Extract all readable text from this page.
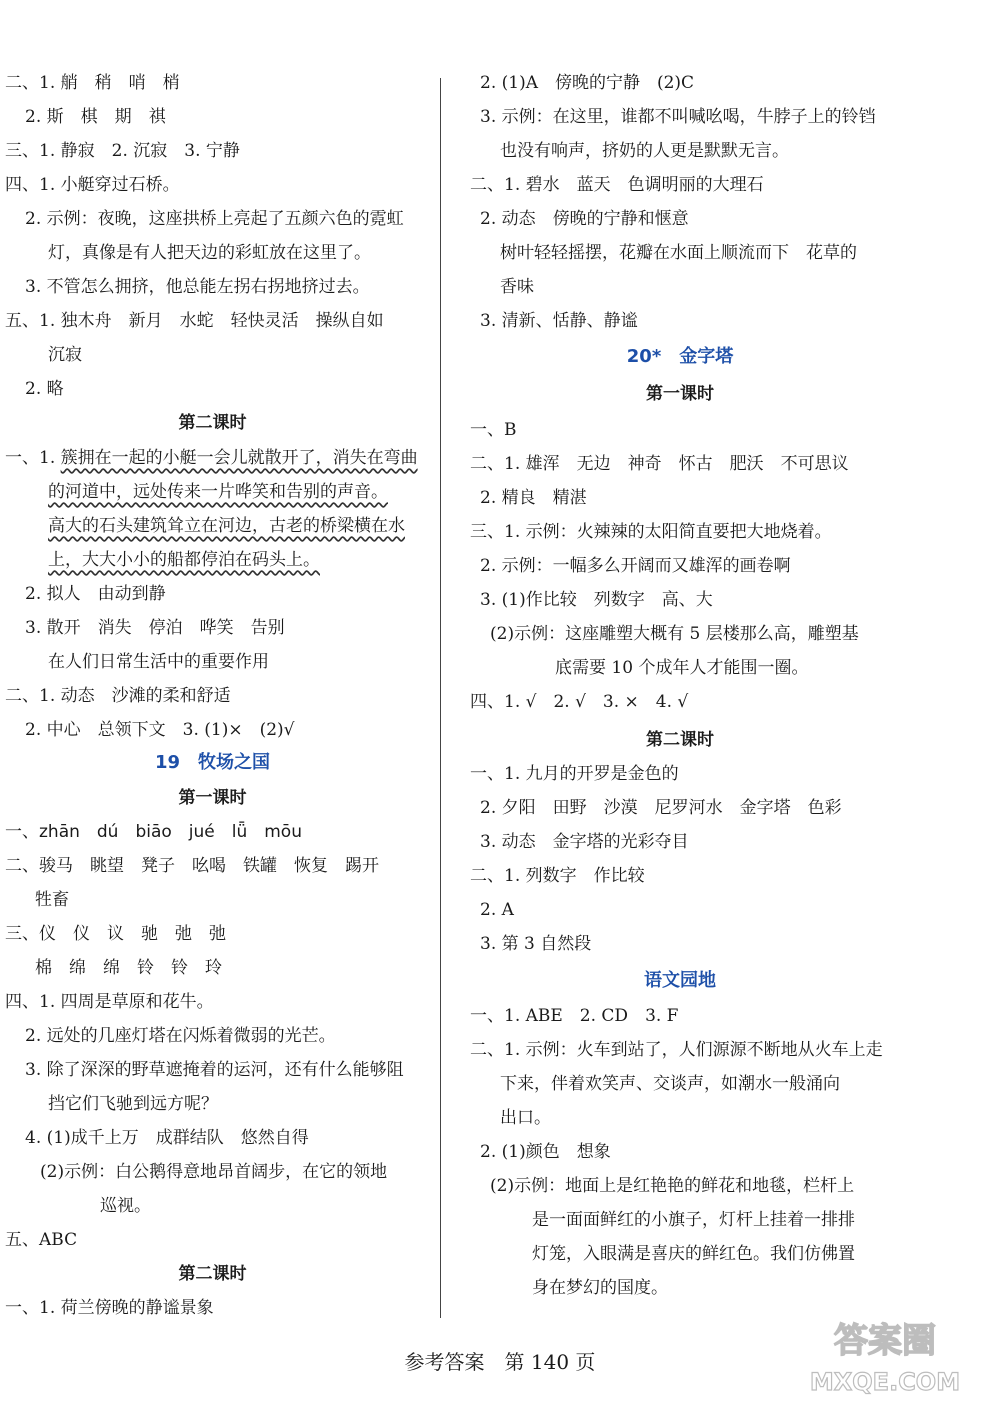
二、1. 艄　稍　哨　梢
2. 斯　棋　期　祺
三、1. 静寂　2. 沉寂　3. 宁静
四、1. 小艇穿过石桥。
2. 示例：夜晚，这座拱桥上亮起了五颜六色的霓虹
灯，真像是有人把天边的彩虹放在这里了。
3. 不管怎么拥挤，他总能左拐右拐地挤过去。
五、1. 独木舟　新月　水蛇　轻快灵活　操纵自如
沉寂
2. 略
第二课时
一、1. 簇拥在一起的小艇一会儿就散开了，消失在弯曲
的河道中，远处传来一片哗笑和告别的声音。
高大的石头建筑耸立在河边，古老的桥梁横在水
上，大大小小的船都停泊在码头上。
2. 拟人　由动到静
3. 散开　消失　停泊　哗笑　告别
在人们日常生活中的重要作用
二、1. 动态　沙滩的柔和舒适
2. 中心　总领下文　3. (1)×　(2)√
19　牧场之国
第一课时
一、zhān　dú　biāo　jué　lǖ　mōu
二、骏马　眺望　凳子　吆喝　铁罐　恢复　踢开
牲畜
三、仪　仪　议　驰　弛　弛
棉　绵　绵　铃　铃　玲
四、1. 四周是草原和花牛。
2. 远处的几座灯塔在闪烁着微弱的光芒。
3. 除了深深的野草遮掩着的运河，还有什么能够阻
挡它们飞驰到远方呢？
4. (1)成千上万　成群结队　悠然自得
(2)示例：白公鹅得意地昂首阔步，在它的领地
巡视。
五、ABC
第二课时
一、1. 荷兰傍晚的静谧景象
2. (1)A　傍晚的宁静　(2)C
3. 示例：在这里，谁都不叫喊吆喝，牛脖子上的铃铛
也没有响声，挤奶的人更是默默无言。
二、1. 碧水　蓝天　色调明丽的大理石
2. 动态　傍晚的宁静和惬意
树叶轻轻摇摆，花瓣在水面上顺流而下　花草的
香味
3. 清新、恬静、静谧
20*　金字塔
第一课时
一、B
二、1. 雄浑　无边　神奇　怀古　肥沃　不可思议
2. 精良　精湛
三、1. 示例：火辣辣的太阳简直要把大地烧着。
2. 示例：一幅多么开阔而又雄浑的画卷啊
3. (1)作比较　列数字　高、大
(2)示例：这座雕塑大概有 5 层楼那么高，雕塑基
底需要 10 个成年人才能围一圈。
四、1. √　2. √　3. ×　4. √
第二课时
一、1. 九月的开罗是金色的
2. 夕阳　田野　沙漠　尼罗河水　金字塔　色彩
3. 动态　金字塔的光彩夺目
二、1. 列数字　作比较
2. A
3. 第 3 自然段
语文园地
一、1. ABE　2. CD　3. F
二、1. 示例：火车到站了，人们源源不断地从火车上走
下来，伴着欢笑声、交谈声，如潮水一般涌向
出口。
2. (1)颜色　想象
(2)示例：地面上是红艳艳的鲜花和地毯，栏杆上
是一面面鲜红的小旗子，灯杆上挂着一排排
灯笼，入眼满是喜庆的鲜红色。我们仿佛置
身在梦幻的国度。
参考答案　第 140 页
答案圈
MXQE.COM
